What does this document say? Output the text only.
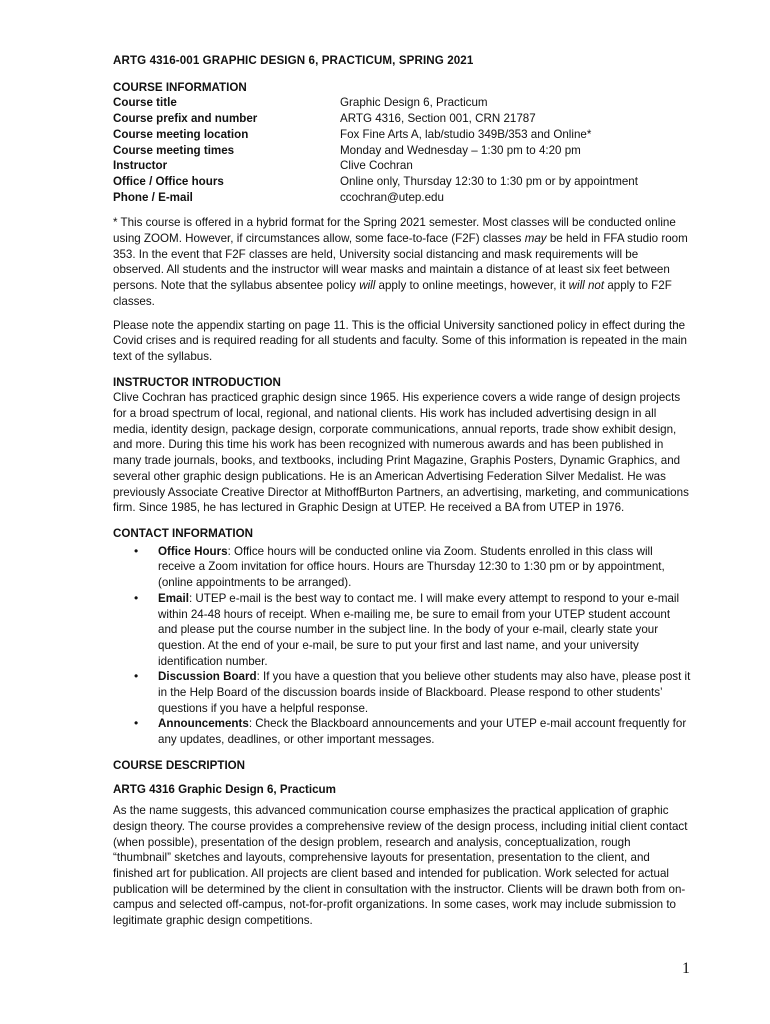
ARTG 4316-001 GRAPHIC DESIGN 6, PRACTICUM, SPRING 2021
COURSE INFORMATION
Course title	Graphic Design 6, Practicum
Course prefix and number	ARTG 4316, Section 001, CRN 21787
Course meeting location	Fox Fine Arts A, lab/studio 349B/353 and Online*
Course meeting times	Monday and Wednesday – 1:30 pm to 4:20 pm
Instructor	Clive Cochran
Office / Office hours	Online only, Thursday 12:30 to 1:30 pm or by appointment
Phone / E-mail	ccochran@utep.edu

* This course is offered in a hybrid format for the Spring 2021 semester. Most classes will be conducted online using ZOOM. However, if circumstances allow, some face-to-face (F2F) classes may be held in FFA studio room 353. In the event that F2F classes are held, University social distancing and mask requirements will be observed. All students and the instructor will wear masks and maintain a distance of at least six feet between persons. Note that the syllabus absentee policy will apply to online meetings, however, it will not apply to F2F classes.

Please note the appendix starting on page 11. This is the official University sanctioned policy in effect during the Covid crises and is required reading for all students and faculty. Some of this information is repeated in the main text of the syllabus.

INSTRUCTOR INTRODUCTION

Clive Cochran has practiced graphic design since 1965. His experience covers a wide range of design projects for a broad spectrum of local, regional, and national clients. His work has included advertising design in all media, identity design, package design, corporate communications, annual reports, trade show exhibit design, and more. During this time his work has been recognized with numerous awards and has been published in many trade journals, books, and textbooks, including Print Magazine, Graphis Posters, Dynamic Graphics, and several other graphic design publications. He is an American Advertising Federation Silver Medalist. He was previously Associate Creative Director at MithoffBurton Partners, an advertising, marketing, and communications firm. Since 1985, he has lectured in Graphic Design at UTEP. He received a BA from UTEP in 1976.

CONTACT INFORMATION
• Office Hours: Office hours will be conducted online via Zoom. Students enrolled in this class will receive a Zoom invitation for office hours. Hours are Thursday 12:30 to 1:30 pm or by appointment, (online appointments to be arranged).
• Email: UTEP e-mail is the best way to contact me. I will make every attempt to respond to your e-mail within 24-48 hours of receipt. When e-mailing me, be sure to email from your UTEP student account and please put the course number in the subject line. In the body of your e-mail, clearly state your question. At the end of your e-mail, be sure to put your first and last name, and your university identification number.
• Discussion Board: If you have a question that you believe other students may also have, please post it in the Help Board of the discussion boards inside of Blackboard. Please respond to other students’ questions if you have a helpful response.
• Announcements: Check the Blackboard announcements and your UTEP e-mail account frequently for any updates, deadlines, or other important messages.
COURSE DESCRIPTION
ARTG 4316 Graphic Design 6, Practicum

As the name suggests, this advanced communication course emphasizes the practical application of graphic design theory. The course provides a comprehensive review of the design process, including initial client contact (when possible), presentation of the design problem, research and analysis, conceptualization, rough “thumbnail” sketches and layouts, comprehensive layouts for presentation, presentation to the client, and finished art for publication. All projects are client based and intended for publication. Work selected for actual publication will be determined by the client in consultation with the instructor. Clients will be drawn both from on-campus and selected off-campus, not-for-profit organizations. In some cases, work may include submission to legitimate graphic design competitions.

1
